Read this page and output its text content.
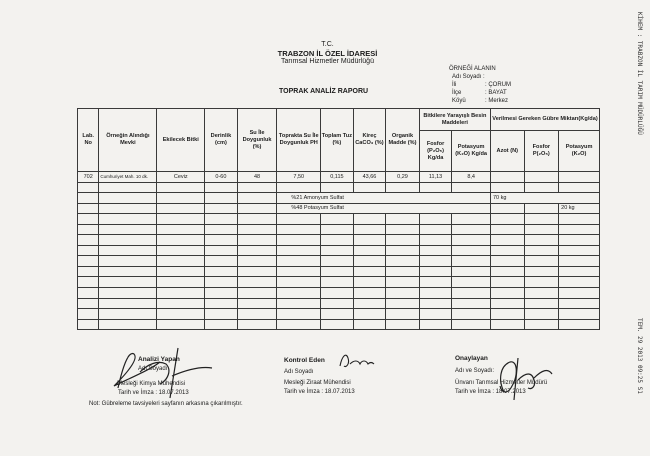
T.C.
TRABZON İL ÖZEL İDARESİ
Tarımsal Hizmetler Müdürlüğü
TOPRAK ANALİZ RAPORU
ÖRNEĞİ ALANIN
Adı Soyadı :
İli	: ÇORUM
İlçe	: BAYAT
Köyü	: Merkez
Lab. No	Örneğin Alındığı Mevki	Ekilecek Bitki	Derinlik (cm)	Su İle Doygunluk (%)	Toprakta Su İle Doygunluk PH	Toplam Tuz (%)	Kireç CaCO₃ (%)	Organik Madde (%)	Bitkilere Yarayışlı Besin Maddeleri		Verilmesi Gereken Gübre Miktarı(Kg/da)		
									Fosfor (P₂O₅) Kg/da	Potasyum (K₂O) Kg/da	Azot (N)	Fosfor P(₂O₅)	Potasyum (K₂O)
702	Cumhuriyet Mah. 10 dk.	Ceviz	0-60	48	7,50	0,115	43,66	0,29	11,13	8,4			

					%21 Amonyum Sulfat						70 kg		
					%48 Potasyum Sulfat								20 kg

Analizi Yapan
Adı Soyadı
Mesleği Kimya Mühendisi
Tarih ve İmza : 18.07.2013
Kontrol Eden
Adı Soyadı
Mesleği Ziraat Mühendisi
Tarih ve İmza : 18.07.2013
Onaylayan
Adı ve Soyadı:
Ünvanı Tarımsal Hizmetler Müdürü
Tarih ve İmza : 18.07.2013
Not: Gübreleme tavsiyeleri sayfanın arkasına çıkarılmıştır.
KİHEM : TRABZON İL TARIM MÜDÜRLÜĞÜ
TEM. 29 2013 09:25 S1
